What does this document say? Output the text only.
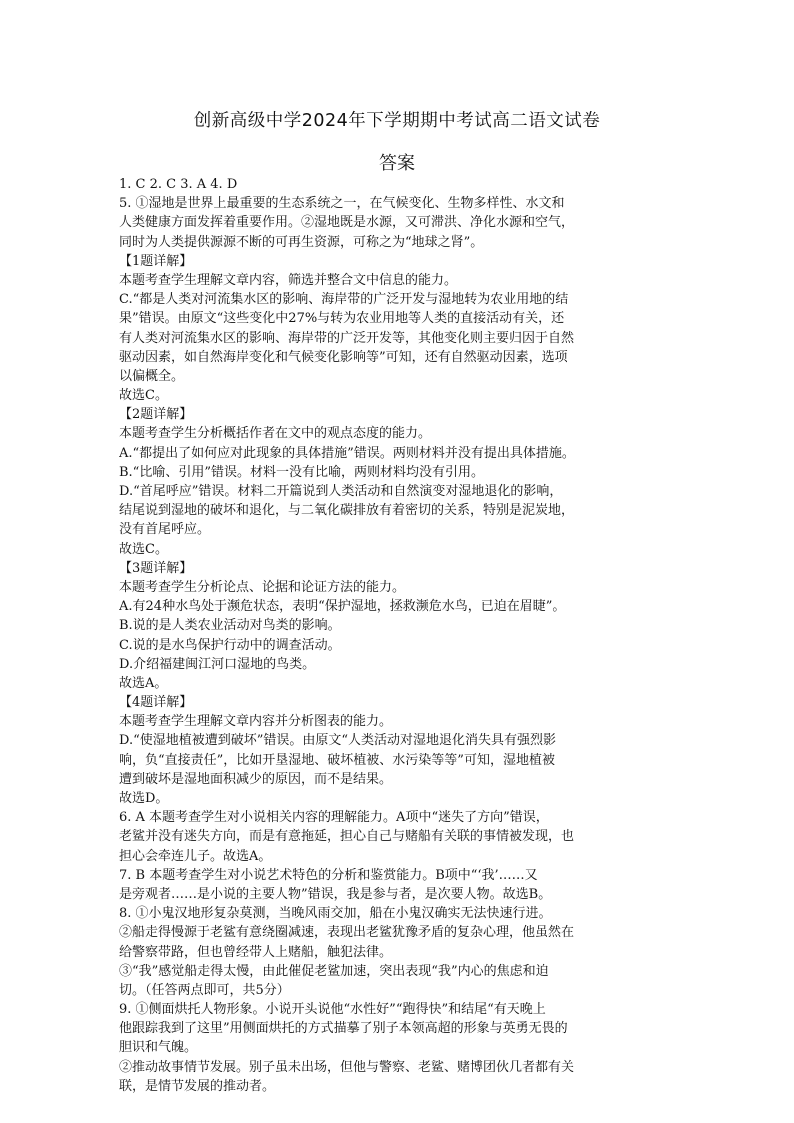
创新高级中学2024年下学期期中考试高二语文试卷
答案
1. C 2. C 3. A 4. D
5. ①湿地是世界上最重要的生态系统之一，在气候变化、生物多样性、水文和
人类健康方面发挥着重要作用。②湿地既是水源，又可滞洪、净化水源和空气，
同时为人类提供源源不断的可再生资源，可称之为“地球之肾”。
【1题详解】
本题考查学生理解文章内容，筛选并整合文中信息的能力。
C.“都是人类对河流集水区的影响、海岸带的广泛开发与湿地转为农业用地的结
果”错误。由原文“这些变化中27%与转为农业用地等人类的直接活动有关，还
有人类对河流集水区的影响、海岸带的广泛开发等，其他变化则主要归因于自然
驱动因素，如自然海岸变化和气候变化影响等”可知，还有自然驱动因素，选项
以偏概全。
故选C。
【2题详解】
本题考查学生分析概括作者在文中的观点态度的能力。
A.“都提出了如何应对此现象的具体措施”错误。两则材料并没有提出具体措施。
B.“比喻、引用”错误。材料一没有比喻，两则材料均没有引用。
D.“首尾呼应”错误。材料二开篇说到人类活动和自然演变对湿地退化的影响，
结尾说到湿地的破坏和退化，与二氧化碳排放有着密切的关系，特别是泥炭地，
没有首尾呼应。
故选C。
【3题详解】
本题考查学生分析论点、论据和论证方法的能力。
A.有24种水鸟处于濒危状态，表明“保护湿地，拯救濒危水鸟，已迫在眉睫”。
B.说的是人类农业活动对鸟类的影响。
C.说的是水鸟保护行动中的调查活动。
D.介绍福建闽江河口湿地的鸟类。
故选A。
【4题详解】
本题考查学生理解文章内容并分析图表的能力。
D.“使湿地植被遭到破坏”错误。由原文“人类活动对湿地退化消失具有强烈影
响，负“直接责任”，比如开垦湿地、破坏植被、水污染等等”可知，湿地植被
遭到破坏是湿地面积减少的原因，而不是结果。
故选D。
6. A 本题考查学生对小说相关内容的理解能力。A项中“迷失了方向”错误，
老鲨并没有迷失方向，而是有意拖延，担心自己与赌船有关联的事情被发现，也
担心会牵连儿子。故选A。
7. B 本题考查学生对小说艺术特色的分析和鉴赏能力。B项中“‘我’……又
是旁观者……是小说的主要人物”错误，我是参与者，是次要人物。故选B。
8. ①小鬼汉地形复杂莫测，当晚风雨交加，船在小鬼汉确实无法快速行进。
②船走得慢源于老鲨有意绕圈减速，表现出老鲨犹豫矛盾的复杂心理，他虽然在
给警察带路，但也曾经带人上赌船，触犯法律。
③“我”感觉船走得太慢，由此催促老鲨加速，突出表现“我”内心的焦虑和迫
切。（任答两点即可，共5分）
9. ①侧面烘托人物形象。小说开头说他“水性好”“跑得快”和结尾“有天晚上
他跟踪我到了这里”用侧面烘托的方式描摹了别子本领高超的形象与英勇无畏的
胆识和气魄。
②推动故事情节发展。别子虽未出场，但他与警察、老鲨、赌博团伙几者都有关
联，是情节发展的推动者。
